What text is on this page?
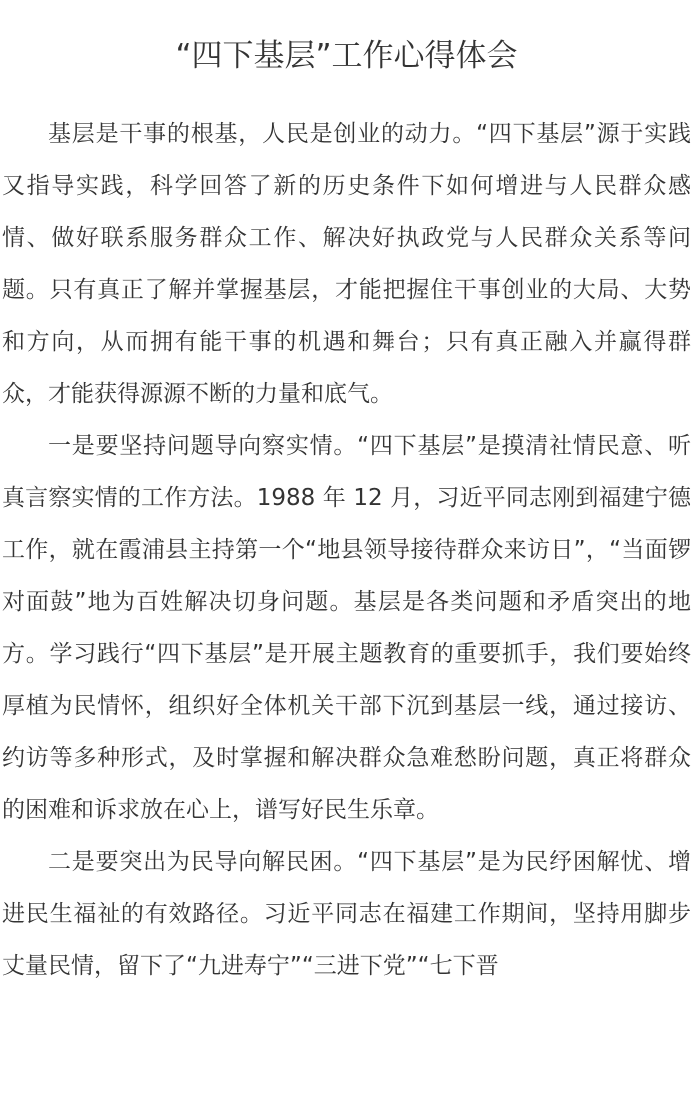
“四下基层”工作心得体会

基层是干事的根基，人民是创业的动力。“四下基层”源于实践又指导实践，科学回答了新的历史条件下如何增进与人民群众感情、做好联系服务群众工作、解决好执政党与人民群众关系等问题。只有真正了解并掌握基层，才能把握住干事创业的大局、大势和方向，从而拥有能干事的机遇和舞台；只有真正融入并赢得群众，才能获得源源不断的力量和底气。

一是要坚持问题导向察实情。“四下基层”是摸清社情民意、听真言察实情的工作方法。1988 年 12 月，习近平同志刚到福建宁德工作，就在霞浦县主持第一个“地县领导接待群众来访日”，“当面锣对面鼓”地为百姓解决切身问题。基层是各类问题和矛盾突出的地方。学习践行“四下基层”是开展主题教育的重要抓手，我们要始终厚植为民情怀，组织好全体机关干部下沉到基层一线，通过接访、约访等多种形式，及时掌握和解决群众急难愁盼问题，真正将群众的困难和诉求放在心上，谱写好民生乐章。

二是要突出为民导向解民困。“四下基层”是为民纾困解忧、增进民生福祉的有效路径。习近平同志在福建工作期间，坚持用脚步丈量民情，留下了“九进寿宁”“三进下党”“七下晋
